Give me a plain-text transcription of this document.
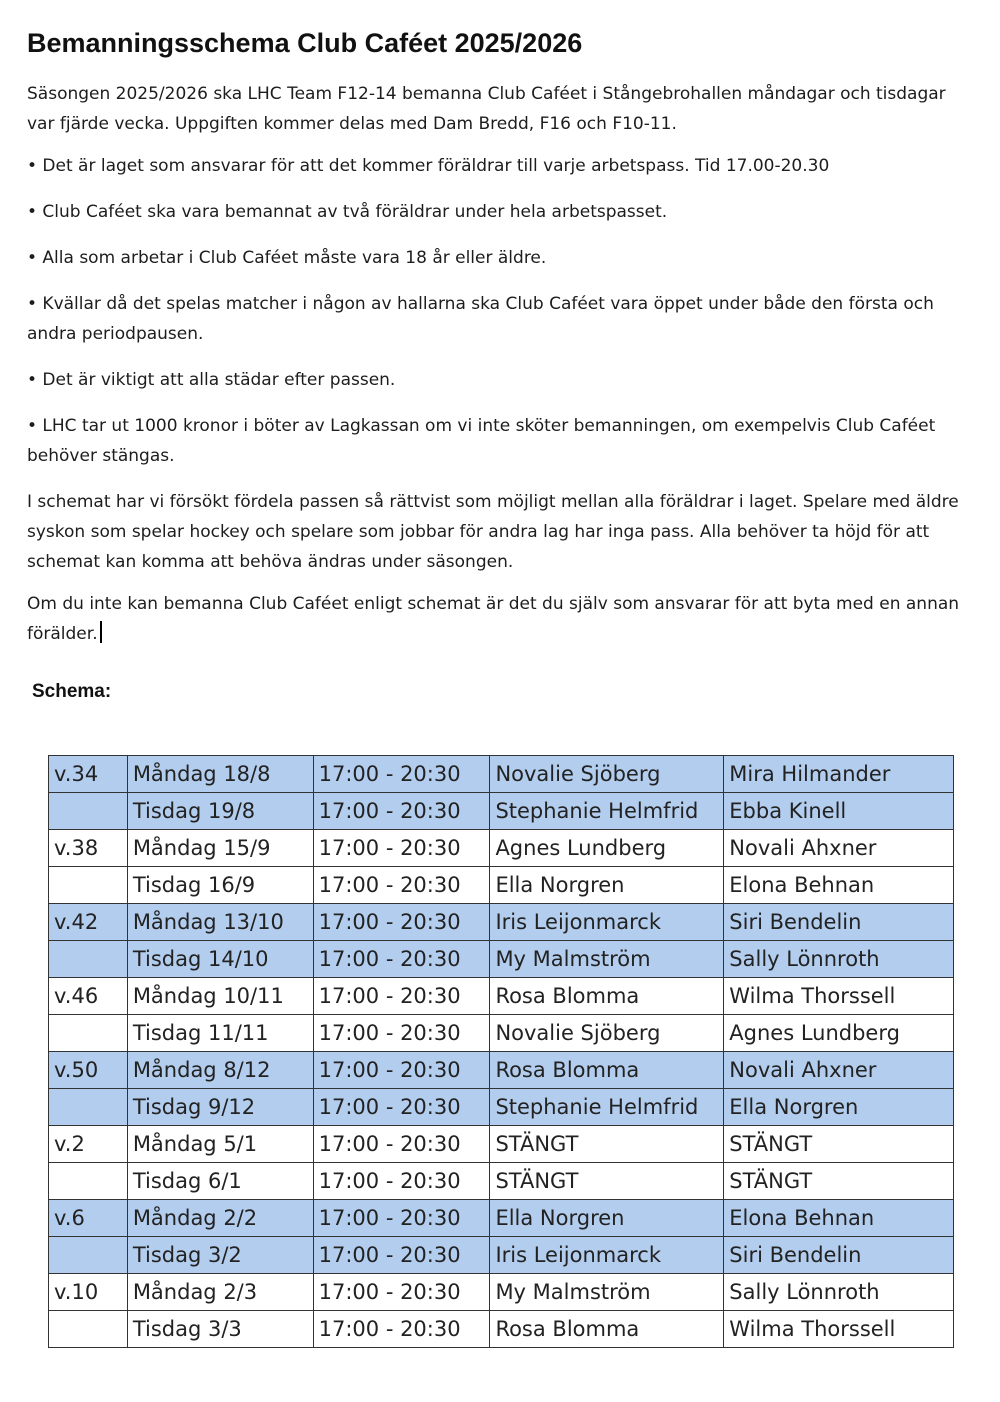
Bemanningsschema Club Caféet 2025/2026

Säsongen 2025/2026 ska LHC Team F12-14 bemanna Club Caféet i Stångebrohallen måndagar och tisdagar var fjärde vecka. Uppgiften kommer delas med Dam Bredd, F16 och F10-11.

• Det är laget som ansvarar för att det kommer föräldrar till varje arbetspass. Tid 17.00-20.30

• Club Caféet ska vara bemannat av två föräldrar under hela arbetspasset.

• Alla som arbetar i Club Caféet måste vara 18 år eller äldre.

• Kvällar då det spelas matcher i någon av hallarna ska Club Caféet vara öppet under både den första och andra periodpausen.

• Det är viktigt att alla städar efter passen.

• LHC tar ut 1000 kronor i böter av Lagkassan om vi inte sköter bemanningen, om exempelvis Club Caféet behöver stängas.

I schemat har vi försökt fördela passen så rättvist som möjligt mellan alla föräldrar i laget. Spelare med äldre syskon som spelar hockey och spelare som jobbar för andra lag har inga pass. Alla behöver ta höjd för att schemat kan komma att behöva ändras under säsongen.

Om du inte kan bemanna Club Caféet enligt schemat är det du själv som ansvarar för att byta med en annan förälder.

Schema:
v.34	Måndag 18/8	17:00 - 20:30	Novalie Sjöberg	Mira Hilmander
	Tisdag 19/8	17:00 - 20:30	Stephanie Helmfrid	Ebba Kinell
v.38	Måndag 15/9	17:00 - 20:30	Agnes Lundberg	Novali Ahxner
	Tisdag 16/9	17:00 - 20:30	Ella Norgren	Elona Behnan
v.42	Måndag 13/10	17:00 - 20:30	Iris Leijonmarck	Siri Bendelin
	Tisdag 14/10	17:00 - 20:30	My Malmström	Sally Lönnroth
v.46	Måndag 10/11	17:00 - 20:30	Rosa Blomma	Wilma Thorssell
	Tisdag 11/11	17:00 - 20:30	Novalie Sjöberg	Agnes Lundberg
v.50	Måndag 8/12	17:00 - 20:30	Rosa Blomma	Novali Ahxner
	Tisdag 9/12	17:00 - 20:30	Stephanie Helmfrid	Ella Norgren
v.2	Måndag 5/1	17:00 - 20:30	STÄNGT	STÄNGT
	Tisdag 6/1	17:00 - 20:30	STÄNGT	STÄNGT
v.6	Måndag 2/2	17:00 - 20:30	Ella Norgren	Elona Behnan
	Tisdag 3/2	17:00 - 20:30	Iris Leijonmarck	Siri Bendelin
v.10	Måndag 2/3	17:00 - 20:30	My Malmström	Sally Lönnroth
	Tisdag 3/3	17:00 - 20:30	Rosa Blomma	Wilma Thorssell
